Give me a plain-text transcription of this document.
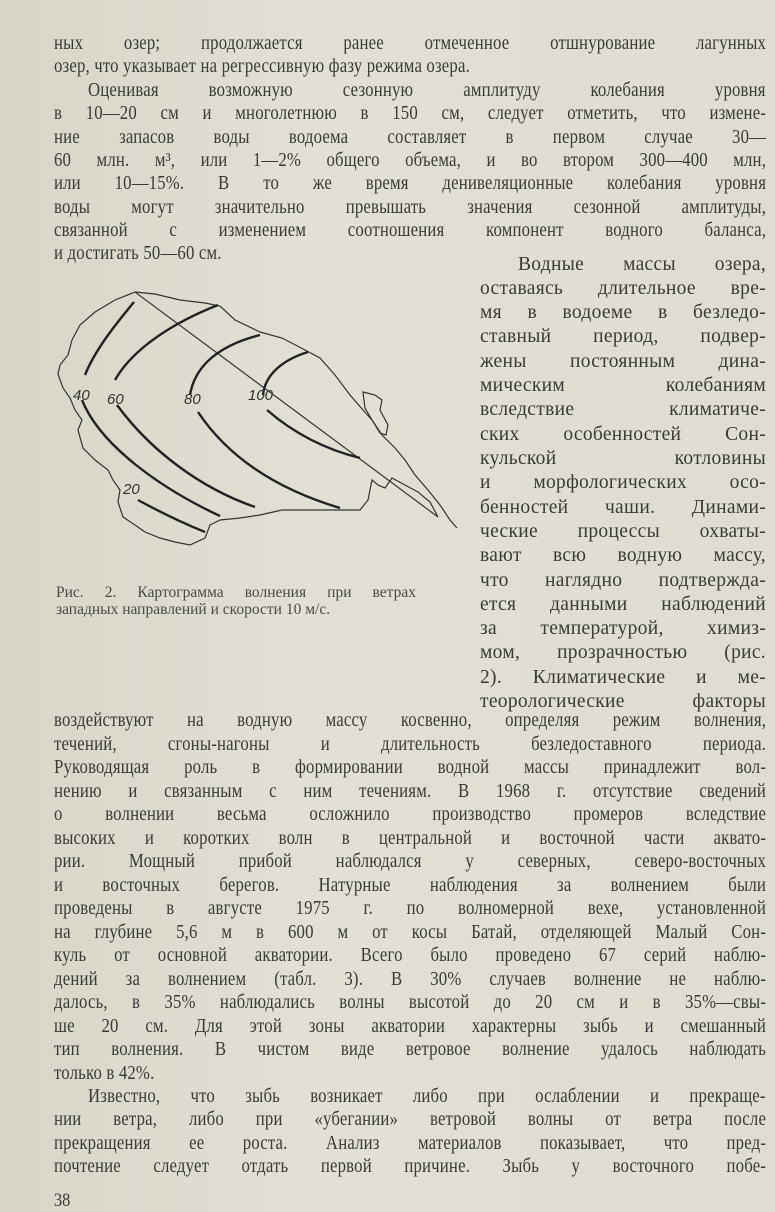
ных озер; продолжается ранее отмеченное отшнурование лагунных
озер, что указывает на регрессивную фазу режима озера.
Оценивая возможную сезонную амплитуду колебания уровня
в 10—20 см и многолетнюю в 150 см, следует отметить, что измене-
ние запасов воды водоема составляет в первом случае 30—
60 млн. м³, или 1—2% общего объема, и во втором 300—400 млн,
или 10—15%. В то же время денивеляционные колебания уровня
воды могут значительно превышать значения сезонной амплитуды,
связанной с изменением соотношения компонент водного баланса,
и достигать 50—60 см.
40 60	80	100
20
Рис. 2. Картограмма волнения при ветрах
западных направлений и скорости 10 м/с.
Водные массы озера,
оставаясь длительное вре-
мя в водоеме в безледо-
ставный период, подвер-
жены постоянным дина-
мическим колебаниям
вследствие климатиче-
ских особенностей Сон-
кульской котловины
и морфологических осо-
бенностей чаши. Динами-
ческие процессы охваты-
вают всю водную массу,
что наглядно подтвержда-
ется данными наблюдений
за температурой, химиз-
мом, прозрачностью (рис.
2). Климатические и ме-
теорологические факторы
воздействуют на водную массу косвенно, определяя режим волнения,
течений, сгоны-нагоны и длительность безледоставного периода.
Руководящая роль в формировании водной массы принадлежит вол-
нению и связанным с ним течениям. В 1968 г. отсутствие сведений
о волнении весьма осложнило производство промеров вследствие
высоких и коротких волн в центральной и восточной части аквато-
рии. Мощный прибой наблюдался у северных, северо-восточных
и восточных берегов. Натурные наблюдения за волнением были
проведены в августе 1975 г. по волномерной вехе, установленной
на глубине 5,6 м в 600 м от косы Батай, отделяющей Малый Сон-
куль от основной акватории. Всего было проведено 67 серий наблю-
дений за волнением (табл. 3). В 30% случаев волнение не наблю-
далось, в 35% наблюдались волны высотой до 20 см и в 35%—свы-
ше 20 см. Для этой зоны акватории характерны зыбь и смешанный
тип волнения. В чистом виде ветровое волнение удалось наблюдать
только в 42%.
Известно, что зыбь возникает либо при ослаблении и прекраще-
нии ветра, либо при «убегании» ветровой волны от ветра после
прекращения ее роста. Анализ материалов показывает, что пред-
почтение следует отдать первой причине. Зыбь у восточного побе-
38
